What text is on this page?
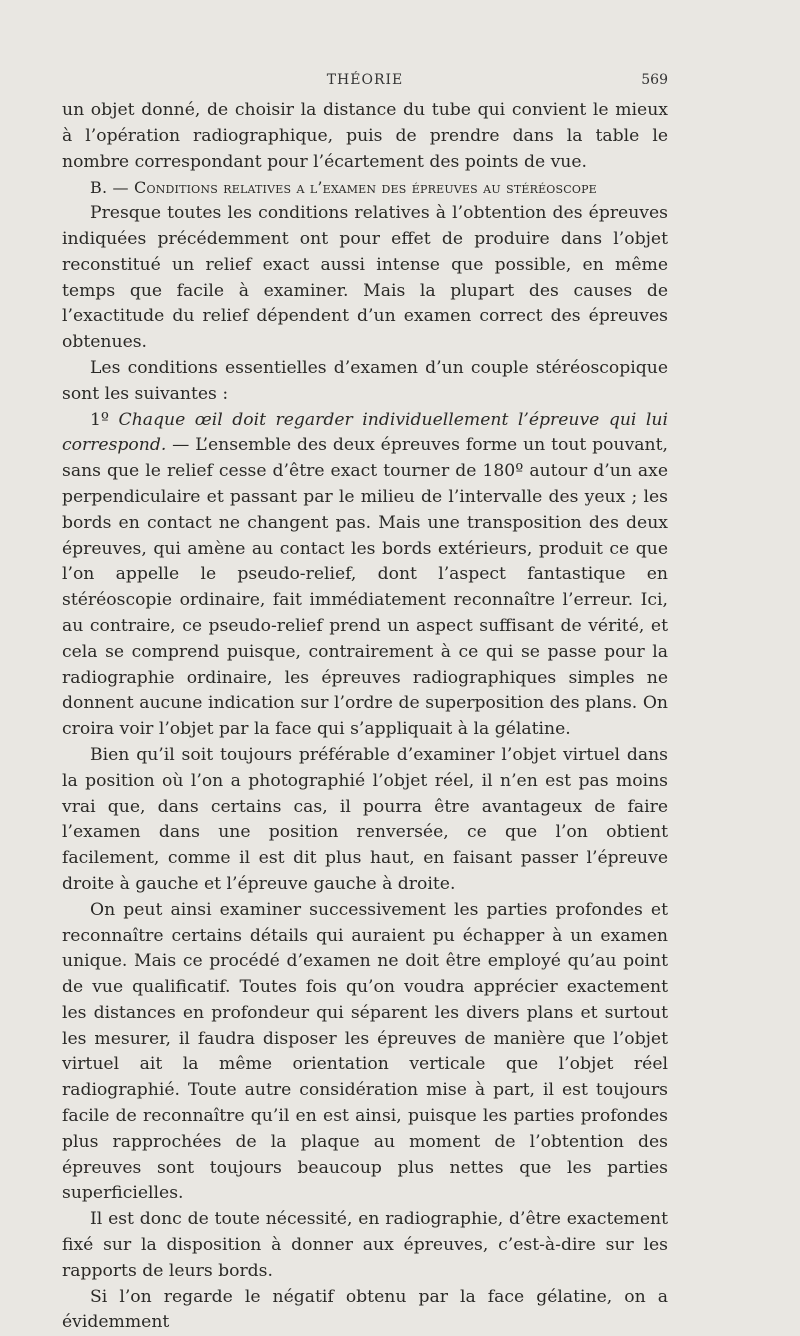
THÉORIE	569

un objet donné, de choisir la distance du tube qui convient le mieux à l’opération radiographique, puis de prendre dans la table le nombre correspondant pour l’écartement des points de vue.

B. — Conditions relatives a l’examen des épreuves au stéréoscope

Presque toutes les conditions relatives à l’obtention des épreuves indiquées précédemment ont pour effet de produire dans l’objet reconstitué un relief exact aussi intense que possible, en même temps que facile à examiner. Mais la plupart des causes de l’exactitude du relief dépendent d’un examen correct des épreuves obtenues.

Les conditions essentielles d’examen d’un couple stéréoscopique sont les suivantes :

1º Chaque œil doit regarder individuellement l’épreuve qui lui correspond. — L’ensemble des deux épreuves forme un tout pouvant, sans que le relief cesse d’être exact tourner de 180º autour d’un axe perpendiculaire et passant par le milieu de l’intervalle des yeux ; les bords en contact ne changent pas. Mais une transposition des deux épreuves, qui amène au contact les bords extérieurs, produit ce que l’on appelle le pseudo-relief, dont l’aspect fantastique en stéréoscopie ordinaire, fait immédiatement reconnaître l’erreur. Ici, au contraire, ce pseudo-relief prend un aspect suffisant de vérité, et cela se comprend puisque, contrairement à ce qui se passe pour la radiographie ordinaire, les épreuves radiographiques simples ne donnent aucune indication sur l’ordre de superposition des plans. On croira voir l’objet par la face qui s’appliquait à la gélatine.

Bien qu’il soit toujours préférable d’examiner l’objet virtuel dans la position où l’on a photographié l’objet réel, il n’en est pas moins vrai que, dans certains cas, il pourra être avantageux de faire l’examen dans une position renversée, ce que l’on obtient facilement, comme il est dit plus haut, en faisant passer l’épreuve droite à gauche et l’épreuve gauche à droite.

On peut ainsi examiner successivement les parties profondes et reconnaître certains détails qui auraient pu échapper à un examen unique. Mais ce procédé d’examen ne doit être employé qu’au point de vue qualificatif. Toutes fois qu’on voudra apprécier exactement les distances en profondeur qui séparent les divers plans et surtout les mesurer, il faudra disposer les épreuves de manière que l’objet virtuel ait la même orientation verticale que l’objet réel radiographié. Toute autre considération mise à part, il est toujours facile de reconnaître qu’il en est ainsi, puisque les parties profondes plus rapprochées de la plaque au moment de l’obtention des épreuves sont toujours beaucoup plus nettes que les parties superficielles.

Il est donc de toute nécessité, en radiographie, d’être exactement fixé sur la disposition à donner aux épreuves, c’est-à-dire sur les rapports de leurs bords.

Si l’on regarde le négatif obtenu par la face gélatine, on a évidemment
